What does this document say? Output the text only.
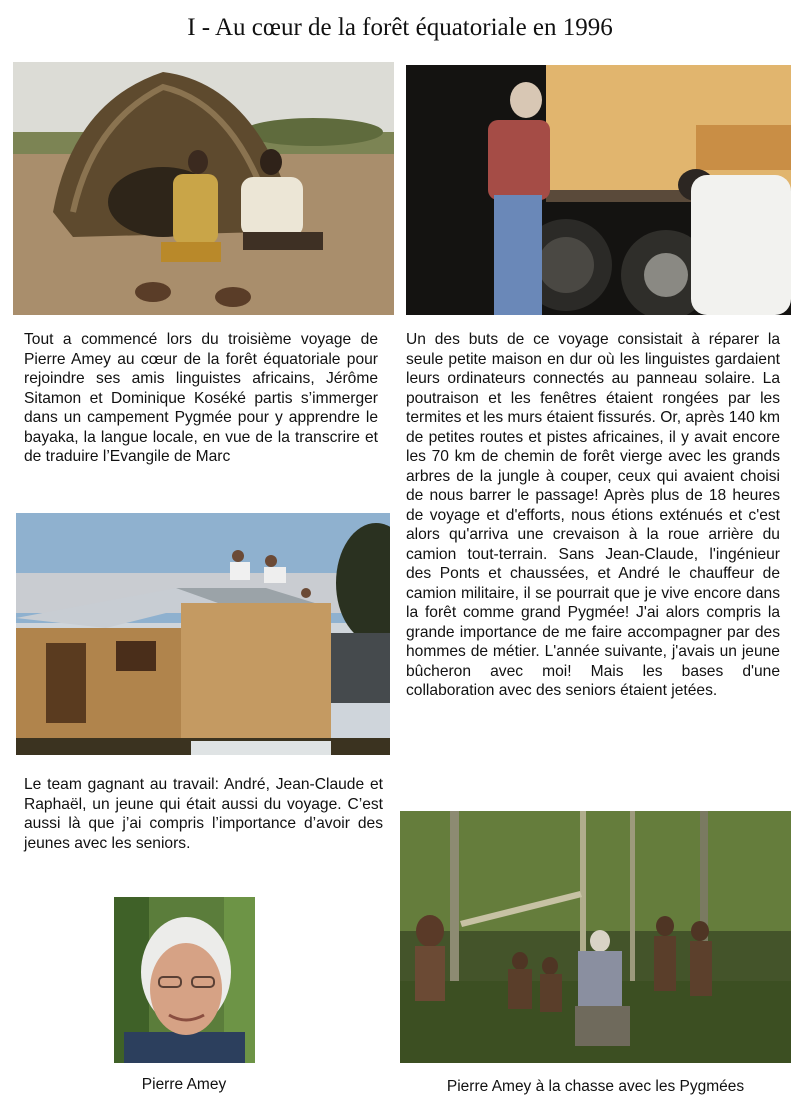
I - Au cœur de la forêt équatoriale en 1996
Tout a commencé lors du troisième voyage de Pierre Amey au cœur de la forêt équatoriale pour rejoindre ses amis linguistes africains, Jérôme Sitamon et Dominique Koséké partis s’immerger dans un campement Pygmée pour y apprendre le bayaka, la langue locale, en vue de la transcrire et de traduire l’Evangile de Marc
Un des buts de ce voyage consistait à réparer la seule petite maison en dur où les linguistes gardaient leurs ordinateurs connectés au panneau solaire. La poutraison et les fenêtres étaient rongées par les termites et les murs étaient fissurés. Or, après 140 km de petites routes et pistes africaines, il y avait encore les 70 km de chemin de forêt vierge avec les grands arbres de la jungle à couper, ceux qui avaient choisi de nous barrer le passage! Après plus de 18 heures de voyage et d'efforts, nous étions exténués et c'est alors qu'arriva une crevaison à la roue arrière du camion tout-terrain. Sans Jean-Claude, l'ingénieur des Ponts et chaussées, et André le chauffeur de camion militaire, il se pourrait que je vive encore dans la forêt comme grand Pygmée! J'ai alors compris la grande importance de me faire accompagner par des hommes de métier. L'année suivante, j'avais un jeune bûcheron avec moi! Mais les bases d'une collaboration avec des seniors étaient jetées.
Le team gagnant au travail: André, Jean-Claude et Raphaël, un jeune qui était aussi du voyage. C’est aussi là que j’ai compris l’importance d’avoir des jeunes avec les seniors.
Pierre Amey	Pierre Amey à la chasse avec les Pygmées
